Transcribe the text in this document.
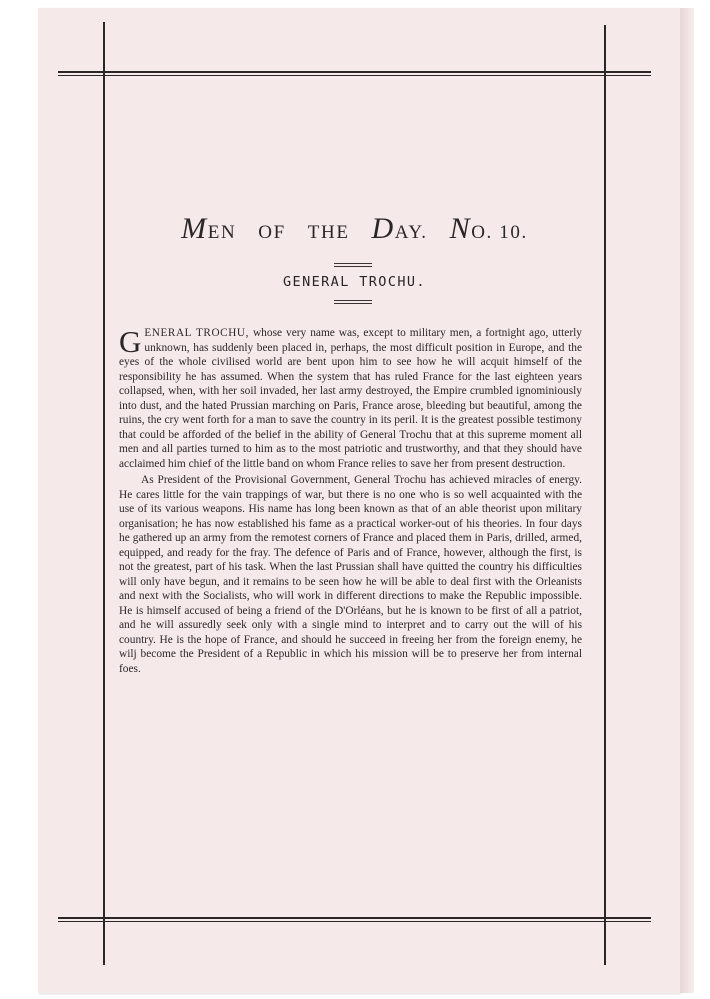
MEN OF THE DAY. NO. 10.
GENERAL TROCHU.

GENERAL TROCHU, whose very name was, except to military men, a fortnight ago, utterly unknown, has suddenly been placed in, perhaps, the most difficult position in Europe, and the eyes of the whole civilised world are bent upon him to see how he will acquit himself of the responsibility he has assumed. When the system that has ruled France for the last eighteen years collapsed, when, with her soil invaded, her last army destroyed, the Empire crumbled ignominiously into dust, and the hated Prussian marching on Paris, France arose, bleeding but beautiful, among the ruins, the cry went forth for a man to save the country in its peril. It is the greatest possible testimony that could be afforded of the belief in the ability of General Trochu that at this supreme moment all men and all parties turned to him as to the most patriotic and trustworthy, and that they should have acclaimed him chief of the little band on whom France relies to save her from present destruction.

As President of the Provisional Government, General Trochu has achieved miracles of energy. He cares little for the vain trappings of war, but there is no one who is so well acquainted with the use of its various weapons. His name has long been known as that of an able theorist upon military organisation; he has now established his fame as a practical worker-out of his theories. In four days he gathered up an army from the remotest corners of France and placed them in Paris, drilled, armed, equipped, and ready for the fray. The defence of Paris and of France, however, although the first, is not the greatest, part of his task. When the last Prussian shall have quitted the country his difficulties will only have begun, and it remains to be seen how he will be able to deal first with the Orleanists and next with the Socialists, who will work in different directions to make the Republic impossible. He is himself accused of being a friend of the D'Orléans, but he is known to be first of all a patriot, and he will assuredly seek only with a single mind to interpret and to carry out the will of his country. He is the hope of France, and should he succeed in freeing her from the foreign enemy, he wilj become the President of a Republic in which his mission will be to preserve her from internal foes.
